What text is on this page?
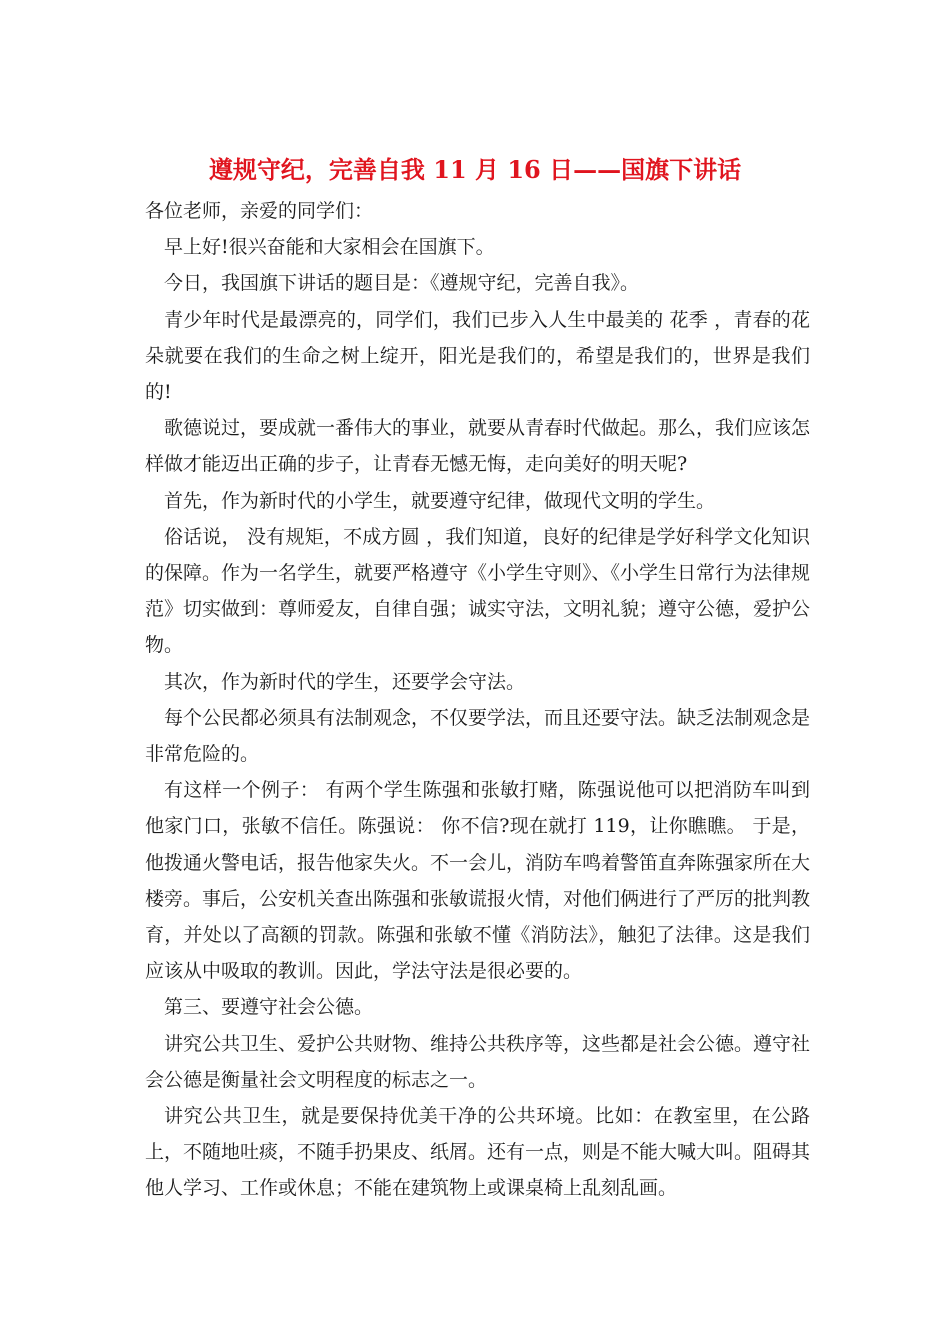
遵规守纪，完善自我 11 月 16 日——国旗下讲话

各位老师，亲爱的同学们：

早上好!很兴奋能和大家相会在国旗下。

今日，我国旗下讲话的题目是：《遵规守纪，完善自我》。

青少年时代是最漂亮的，同学们，我们已步入人生中最美的 花季 ，青春的花朵就要在我们的生命之树上绽开，阳光是我们的，希望是我们的，世界是我们的!

歌德说过，要成就一番伟大的事业，就要从青春时代做起。那么，我们应该怎样做才能迈出正确的步子，让青春无憾无悔，走向美好的明天呢?

首先，作为新时代的小学生，就要遵守纪律，做现代文明的学生。

俗话说， 没有规矩，不成方圆 ，我们知道，良好的纪律是学好科学文化知识的保障。作为一名学生，就要严格遵守《小学生守则》、《小学生日常行为法律规范》切实做到：尊师爱友，自律自强；诚实守法，文明礼貌；遵守公德，爱护公物。

其次，作为新时代的学生，还要学会守法。

每个公民都必须具有法制观念，不仅要学法，而且还要守法。缺乏法制观念是非常危险的。

有这样一个例子： 有两个学生陈强和张敏打赌，陈强说他可以把消防车叫到他家门口，张敏不信任。陈强说： 你不信?现在就打 119，让你瞧瞧。 于是，他拨通火警电话，报告他家失火。不一会儿，消防车鸣着警笛直奔陈强家所在大楼旁。事后，公安机关查出陈强和张敏谎报火情，对他们俩进行了严厉的批判教育，并处以了高额的罚款。陈强和张敏不懂《消防法》，触犯了法律。这是我们应该从中吸取的教训。因此，学法守法是很必要的。

第三、要遵守社会公德。

讲究公共卫生、爱护公共财物、维持公共秩序等，这些都是社会公德。遵守社会公德是衡量社会文明程度的标志之一。

讲究公共卫生，就是要保持优美干净的公共环境。比如：在教室里，在公路上，不随地吐痰，不随手扔果皮、纸屑。还有一点，则是不能大喊大叫。阻碍其他人学习、工作或休息；不能在建筑物上或课桌椅上乱刻乱画。
